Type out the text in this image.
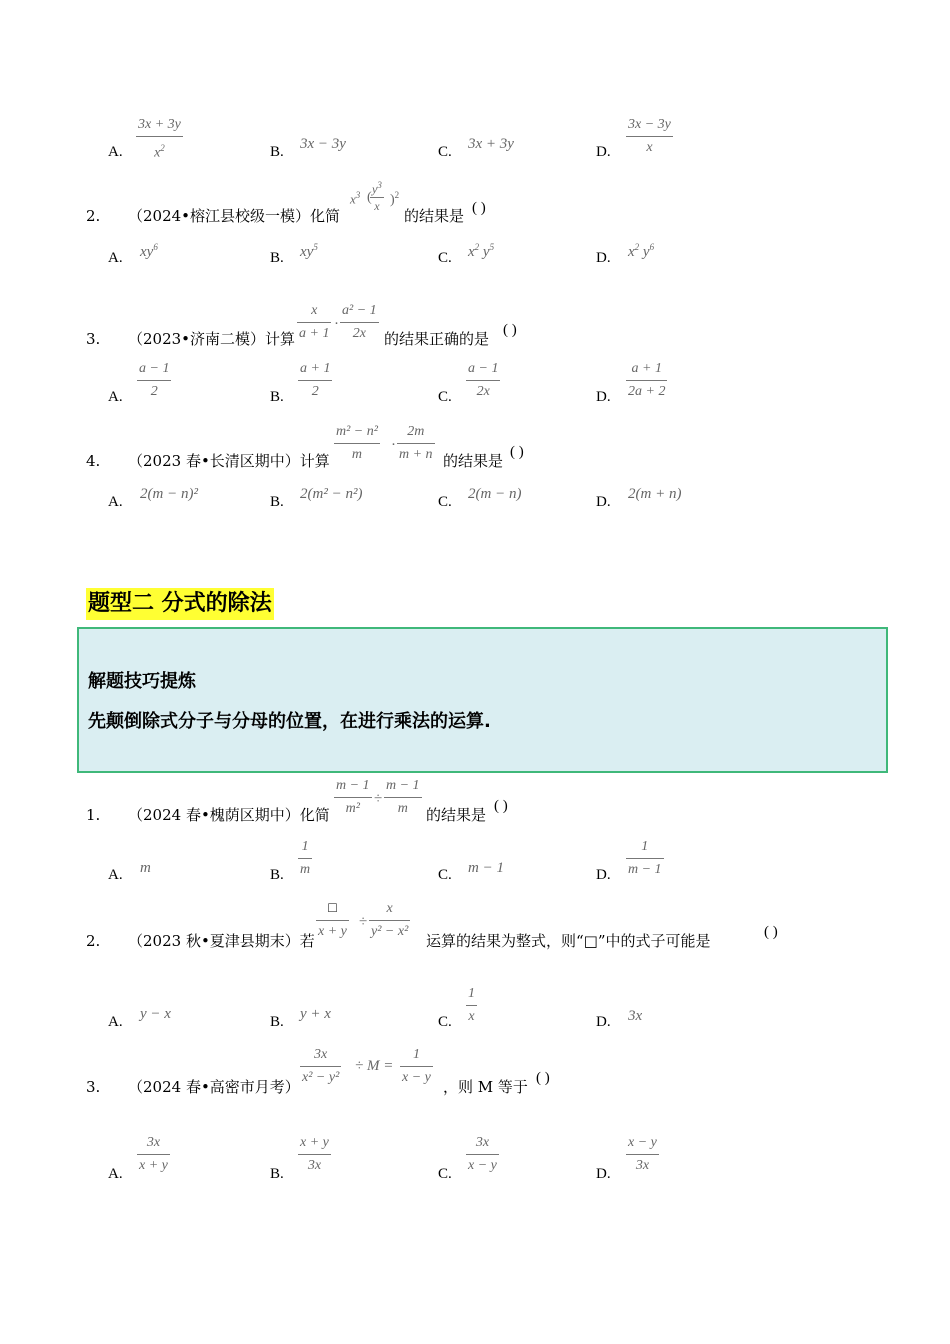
A.
3x + 3y
$x^2$	B. 3x − 3y	C. 3x + 3y	D.
3x − 3y
x
2. （2024•榕江县校级一模）化简
$x^3$ (
$y^3$
x )$^2$
的结果是 ( )
A. $xy^6$
B. $xy^5$
C. $x^2$ $y^5$
D. $x^2$ $y^6$
3. （2023•济南二模）计算
x
a + 1
·
a² − 1
2x 的结果正确的是 ( )
A.
a − 1
2	B.
a + 1
2	C.
a − 1
2x	D.
a + 1
2a + 2
4. （2023 春•长清区期中）计算
m² − n²
m
·
2m
m + n 的结果是 ( )
A. 2(m − n)²	B. 2(m² − n²)	C. 2(m − n)	D. 2(m + n)
题型二 分式的除法
解题技巧提炼
先颠倒除式分子与分母的位置，在进行乘法的运算.
1. （2024 春•槐荫区期中）化简
m − 1
m²
÷
m − 1
m 的结果是 ( )
A. m	B.
1
m	C. m − 1	D.
1
m − 1
2. （2023 秋•夏津县期末）若
□
x + y
÷
x
y² − x²
运算的结果为整式，则“□”中的式子可能是	( )
A. y − x	B. y + x	C.
1
x	D. 3x
3. （2024 春•高密市月考）
3x
x² − y²
÷ M =
1
x − y
，则 M 等于 ( )
A.
3x
x + y
B.
x + y
3x
C.
3x
x − y
D.
x − y
3x
